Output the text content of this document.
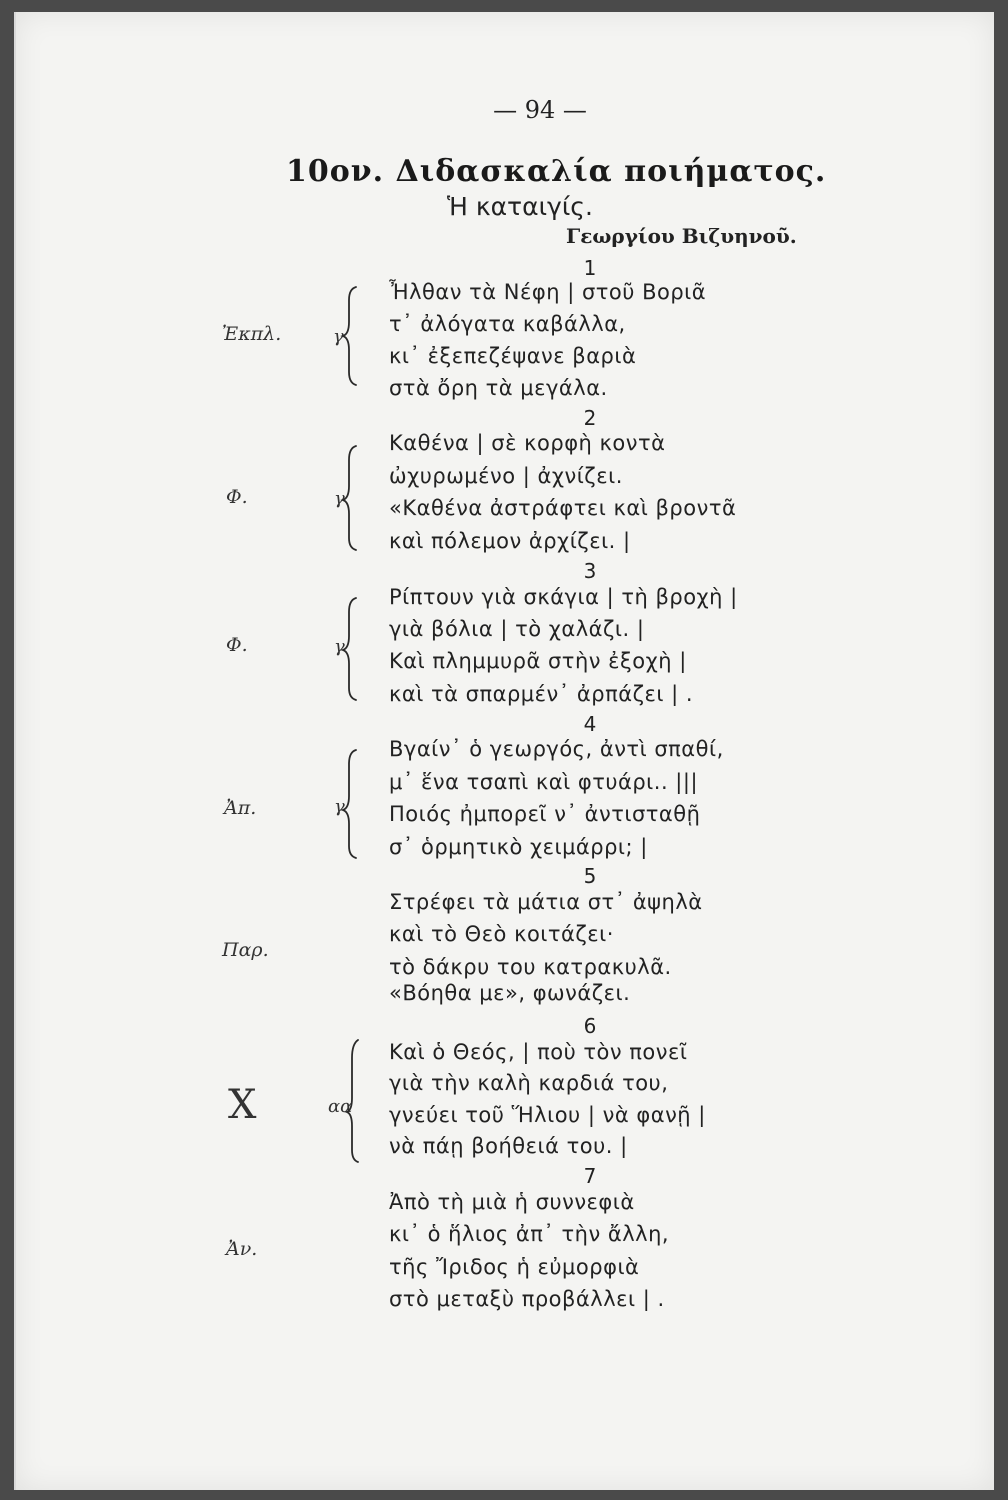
— 94 —
10ον. Διδασκαλία ποιήματος.
Ἡ καταιγίς.
Γεωργίου Βιζυηνοῦ.
1
Ἐκπλ.	γ
Ἦλθαν τὰ Νέφη | στοῦ Βοριᾶ
τ᾽ ἀλόγατα καβάλλα,
κι᾽ ἐξεπεζέψανε βαριὰ
στὰ ὄρη τὰ μεγάλα.
2
Φ.	γ
Καθένα | σὲ κορφὴ κοντὰ
ὠχυρωμένο | ἀχνίζει.
«Καθένα ἀστράφτει καὶ βροντᾶ
καὶ πόλεμον ἀρχίζει. |
3
Φ.	γ
Ρίπτουν γιὰ σκάγια | τὴ βροχὴ |
γιὰ βόλια | τὸ χαλάζι. |
Καὶ πλημμυρᾶ στὴν ἐξοχὴ |
καὶ τὰ σπαρμέν᾽ ἀρπάζει | .
4
Ἀπ.	γ
Βγαίν᾽ ὁ γεωργός, ἀντὶ σπαθί,
μ᾽ ἕνα τσαπὶ καὶ φτυάρι.. |||
Ποιός ἠμπορεῖ ν᾽ ἀντισταθῇ
σ᾽ ὁρμητικὸ χειμάρρι; |
5
Παρ.
Στρέφει τὰ μάτια στ᾽ ἀψηλὰ
καὶ τὸ Θεὸ κοιτάζει·
τὸ δάκρυ του κατρακυλᾶ.
«Βόηθα με», φωνάζει.
6
X	αα
Καὶ ὁ Θεός, | ποὺ τὸν πονεῖ
γιὰ τὴν καλὴ καρδιά του,
γνεύει τοῦ Ἥλιου | νὰ φανῇ |
νὰ πάῃ βοήθειά του. |
7
Ἀν.
Ἀπὸ τὴ μιὰ ἡ συννεφιὰ
κι᾽ ὁ ἥλιος ἀπ᾽ τὴν ἄλλη,
τῆς Ἴριδος ἡ εὐμορφιὰ
στὸ μεταξὺ προβάλλει | .
